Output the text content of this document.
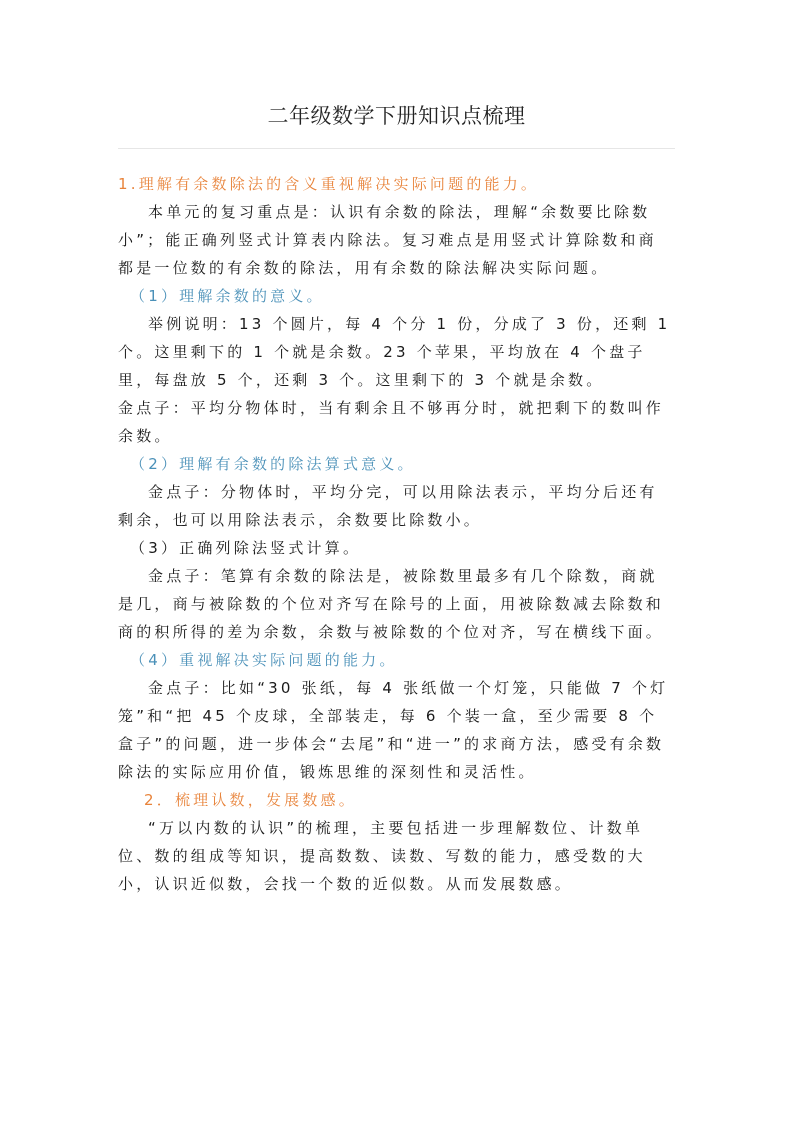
二年级数学下册知识点梳理

1.理解有余数除法的含义重视解决实际问题的能力。

本单元的复习重点是：认识有余数的除法，理解“余数要比除数小”；能正确列竖式计算表内除法。复习难点是用竖式计算除数和商都是一位数的有余数的除法，用有余数的除法解决实际问题。

（1）理解余数的意义。

举例说明：13 个圆片，每 4 个分 1 份，分成了 3 份，还剩 1 个。这里剩下的 1 个就是余数。23 个苹果，平均放在 4 个盘子里，每盘放 5 个，还剩 3 个。这里剩下的 3 个就是余数。

金点子：平均分物体时，当有剩余且不够再分时，就把剩下的数叫作余数。

（2）理解有余数的除法算式意义。

金点子：分物体时，平均分完，可以用除法表示，平均分后还有剩余，也可以用除法表示，余数要比除数小。

（3）正确列除法竖式计算。

金点子：笔算有余数的除法是，被除数里最多有几个除数，商就是几，商与被除数的个位对齐写在除号的上面，用被除数减去除数和商的积所得的差为余数，余数与被除数的个位对齐，写在横线下面。

（4）重视解决实际问题的能力。

金点子：比如“30 张纸，每 4 张纸做一个灯笼，只能做 7 个灯笼”和“把 45 个皮球，全部装走，每 6 个装一盒，至少需要 8 个盒子”的问题，进一步体会“去尾”和“进一”的求商方法，感受有余数除法的实际应用价值，锻炼思维的深刻性和灵活性。

2．梳理认数，发展数感。

“万以内数的认识”的梳理，主要包括进一步理解数位、计数单位、数的组成等知识，提高数数、读数、写数的能力，感受数的大小，认识近似数，会找一个数的近似数。从而发展数感。
